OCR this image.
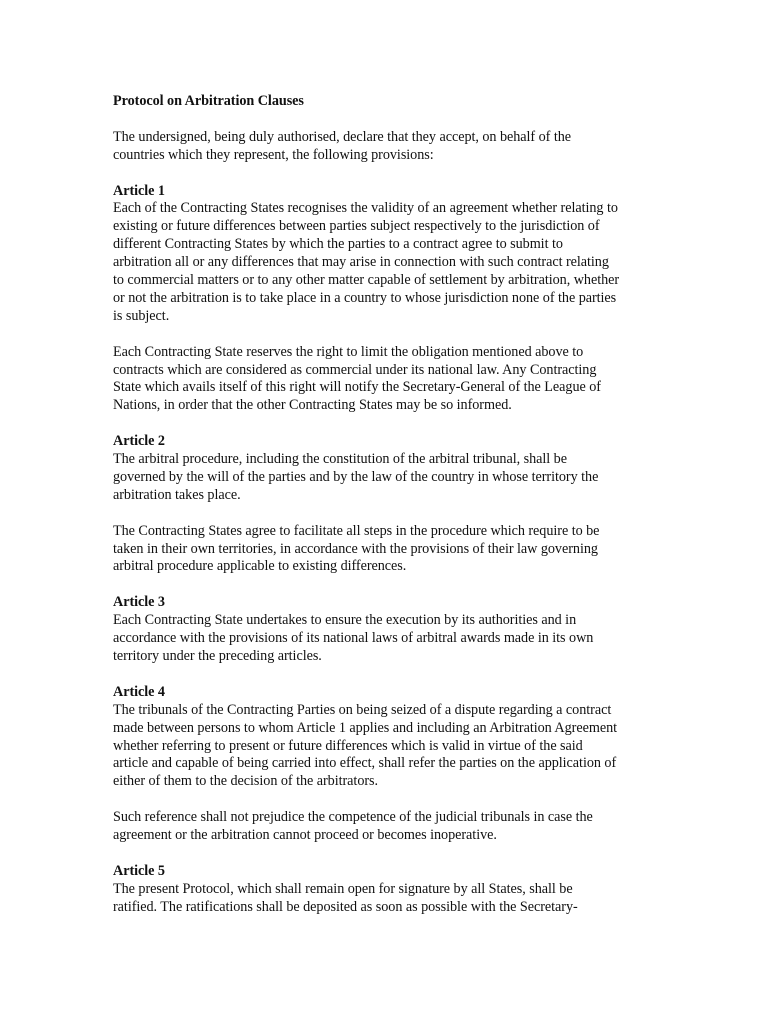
Protocol on Arbitration Clauses
The undersigned, being duly authorised, declare that they accept, on behalf of the
countries which they represent, the following provisions:
Article 1
Each of the Contracting States recognises the validity of an agreement whether relating to
existing or future differences between parties subject respectively to the jurisdiction of
different Contracting States by which the parties to a contract agree to submit to
arbitration all or any differences that may arise in connection with such contract relating
to commercial matters or to any other matter capable of settlement by arbitration, whether
or not the arbitration is to take place in a country to whose jurisdiction none of the parties
is subject.
Each Contracting State reserves the right to limit the obligation mentioned above to
contracts which are considered as commercial under its national law. Any Contracting
State which avails itself of this right will notify the Secretary-General of the League of
Nations, in order that the other Contracting States may be so informed.
Article 2
The arbitral procedure, including the constitution of the arbitral tribunal, shall be
governed by the will of the parties and by the law of the country in whose territory the
arbitration takes place.
The Contracting States agree to facilitate all steps in the procedure which require to be
taken in their own territories, in accordance with the provisions of their law governing
arbitral procedure applicable to existing differences.
Article 3
Each Contracting State undertakes to ensure the execution by its authorities and in
accordance with the provisions of its national laws of arbitral awards made in its own
territory under the preceding articles.
Article 4
The tribunals of the Contracting Parties on being seized of a dispute regarding a contract
made between persons to whom Article 1 applies and including an Arbitration Agreement
whether referring to present or future differences which is valid in virtue of the said
article and capable of being carried into effect, shall refer the parties on the application of
either of them to the decision of the arbitrators.
Such reference shall not prejudice the competence of the judicial tribunals in case the
agreement or the arbitration cannot proceed or becomes inoperative.
Article 5
The present Protocol, which shall remain open for signature by all States, shall be
ratified. The ratifications shall be deposited as soon as possible with the Secretary-
